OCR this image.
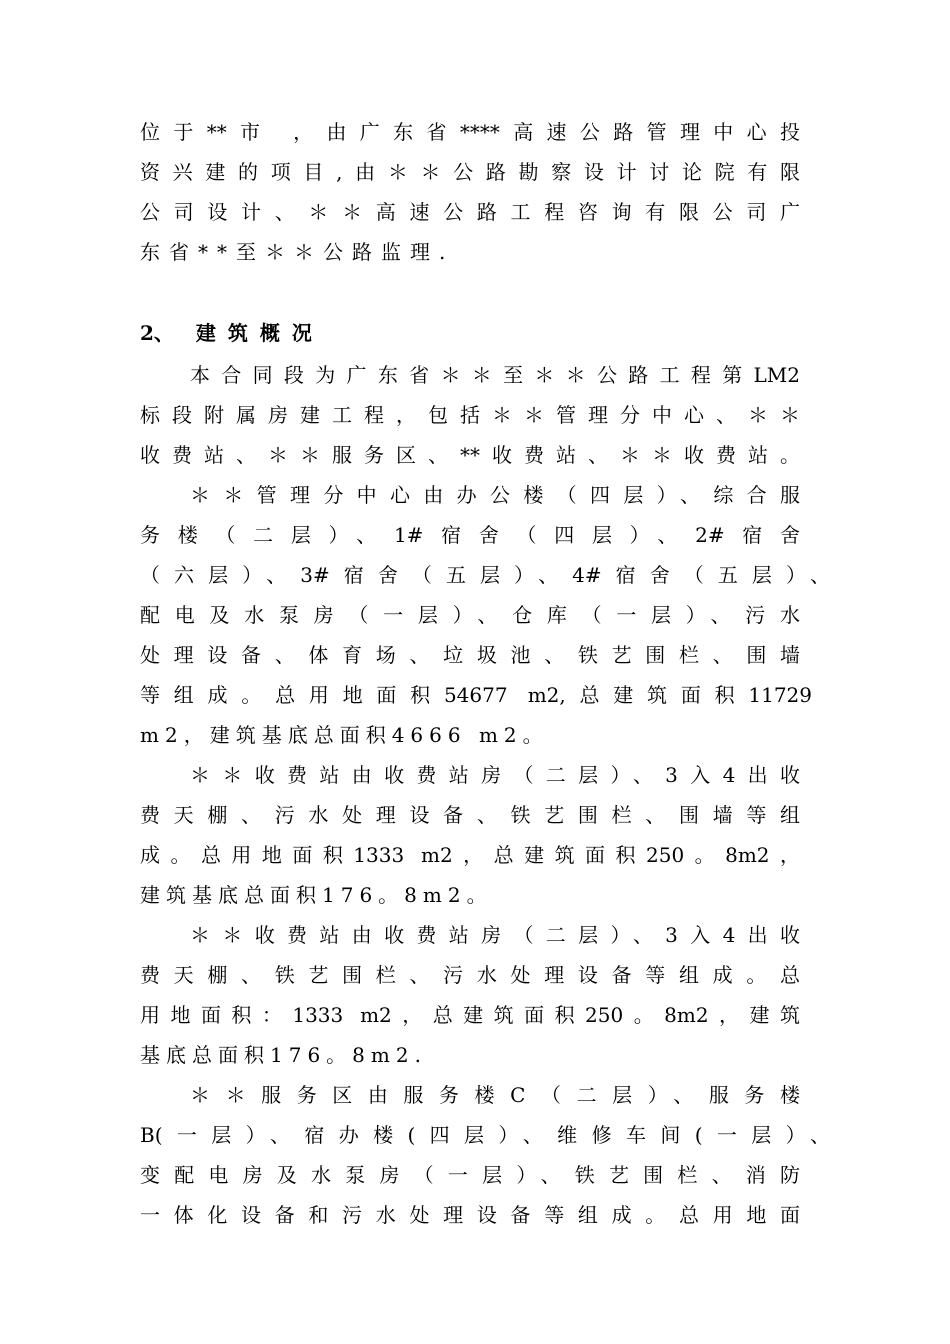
位于**市 ，由广东省****高速公路管理中心投
资兴建的项目,由＊＊公路勘察设计讨论院有限
公司设计、＊＊高速公路工程咨询有限公司广
东省**至＊＊公路监理.
2、 建筑概况
本合同段为广东省＊＊至＊＊公路工程第LM2
标段附属房建工程，包括＊＊管理分中心、＊＊
收费站、＊＊服务区、**收费站、＊＊收费站。
＊＊管理分中心由办公楼（四层）、综合服
务楼（二层）、1#宿舍（四层）、2#宿舍
（六层）、3#宿舍（五层）、4#宿舍（五层）、
配电及水泵房（一层）、仓库（一层）、污水
处理设备、体育场、垃圾池、铁艺围栏、围墙
等组成。总用地面积54677 m2,总建筑面积11729
m2，建筑基底总面积4666 m2。
＊＊收费站由收费站房（二层）、3入4出收
费天棚、污水处理设备、铁艺围栏、围墙等组
成。总用地面积1333 m2，总建筑面积250。8m2，
建筑基底总面积176。8m2。
＊＊收费站由收费站房（二层）、3入4出收
费天棚、铁艺围栏、污水处理设备等组成。总
用地面积：1333 m2，总建筑面积250。8m2，建筑
基底总面积176。8m2.
＊＊服务区由服务楼C（二层）、服务楼
B(一层）、宿办楼(四层）、维修车间(一层）、
变配电房及水泵房（一层）、铁艺围栏、消防
一体化设备和污水处理设备等组成。总用地面
